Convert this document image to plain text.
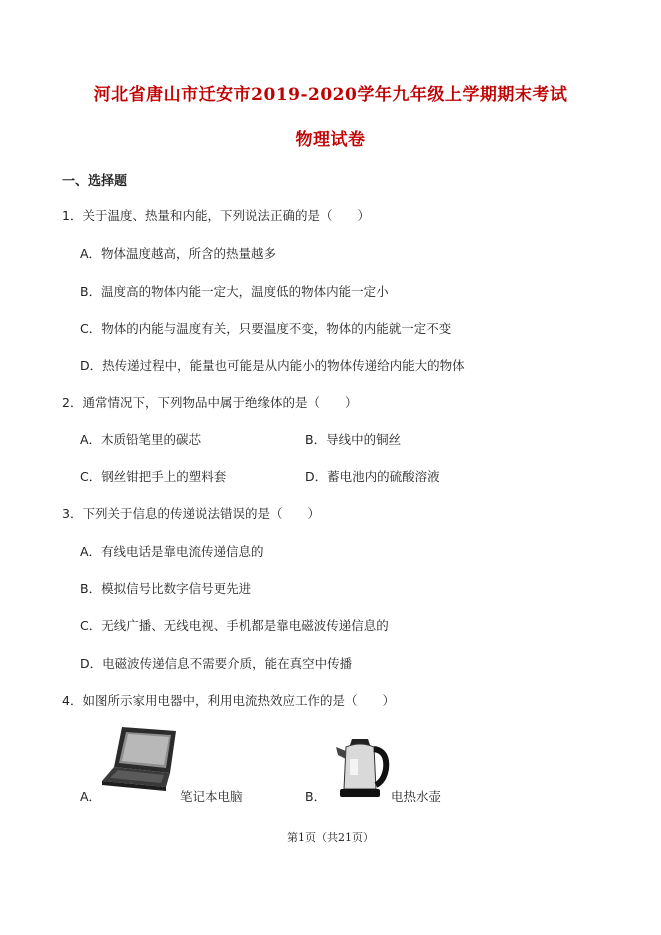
河北省唐山市迁安市2019-2020学年九年级上学期期末考试
物理试卷
一、选择题
1．关于温度、热量和内能，下列说法正确的是（　　）
A．物体温度越高，所含的热量越多
B．温度高的物体内能一定大，温度低的物体内能一定小
C．物体的内能与温度有关，只要温度不变，物体的内能就一定不变
D．热传递过程中，能量也可能是从内能小的物体传递给内能大的物体
2．通常情况下，下列物品中属于绝缘体的是（　　）
A．木质铅笔里的碳芯	B．导线中的铜丝
C．钢丝钳把手上的塑料套	D．蓄电池内的硫酸溶液
3．下列关于信息的传递说法错误的是（　　）
A．有线电话是靠电流传递信息的
B．模拟信号比数字信号更先进
C．无线广播、无线电视、手机都是靠电磁波传递信息的
D．电磁波传递信息不需要介质，能在真空中传播
4．如图所示家用电器中，利用电流热效应工作的是（　　）
A．	笔记本电脑	B．	电热水壶
第1页（共21页）
